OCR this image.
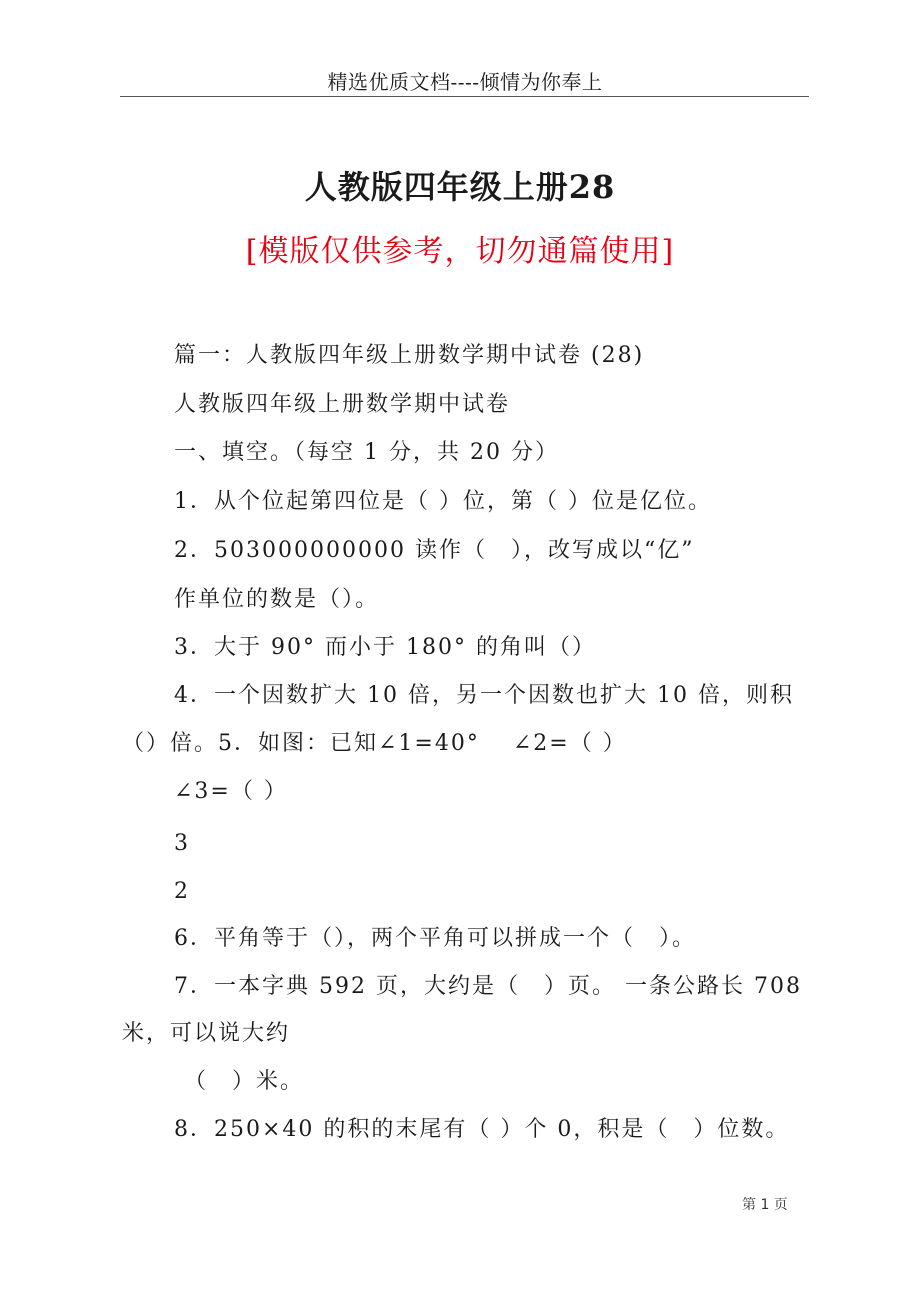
精选优质文档----倾情为你奉上
人教版四年级上册28
[模版仅供参考，切勿通篇使用]
篇一：人教版四年级上册数学期中试卷 (28)
人教版四年级上册数学期中试卷
一、填空。（每空 1 分，共 20 分）
1．从个位起第四位是（ ）位，第（ ）位是亿位。
2．503000000000 读作（　），改写成以“亿”
作单位的数是（）。
3．大于 90° 而小于 180° 的角叫（）
4．一个因数扩大 10 倍，另一个因数也扩大 10 倍，则积
（）倍。5．如图：已知∠1=40°　 ∠2=（ ）
∠3=（ ）
3
2
6．平角等于（），两个平角可以拼成一个（　）。
7．一本字典 592 页，大约是（　）页。 一条公路长 708
米，可以说大约
（　）米。
8．250×40 的积的末尾有（ ）个 0，积是（　）位数。
第 1 页
